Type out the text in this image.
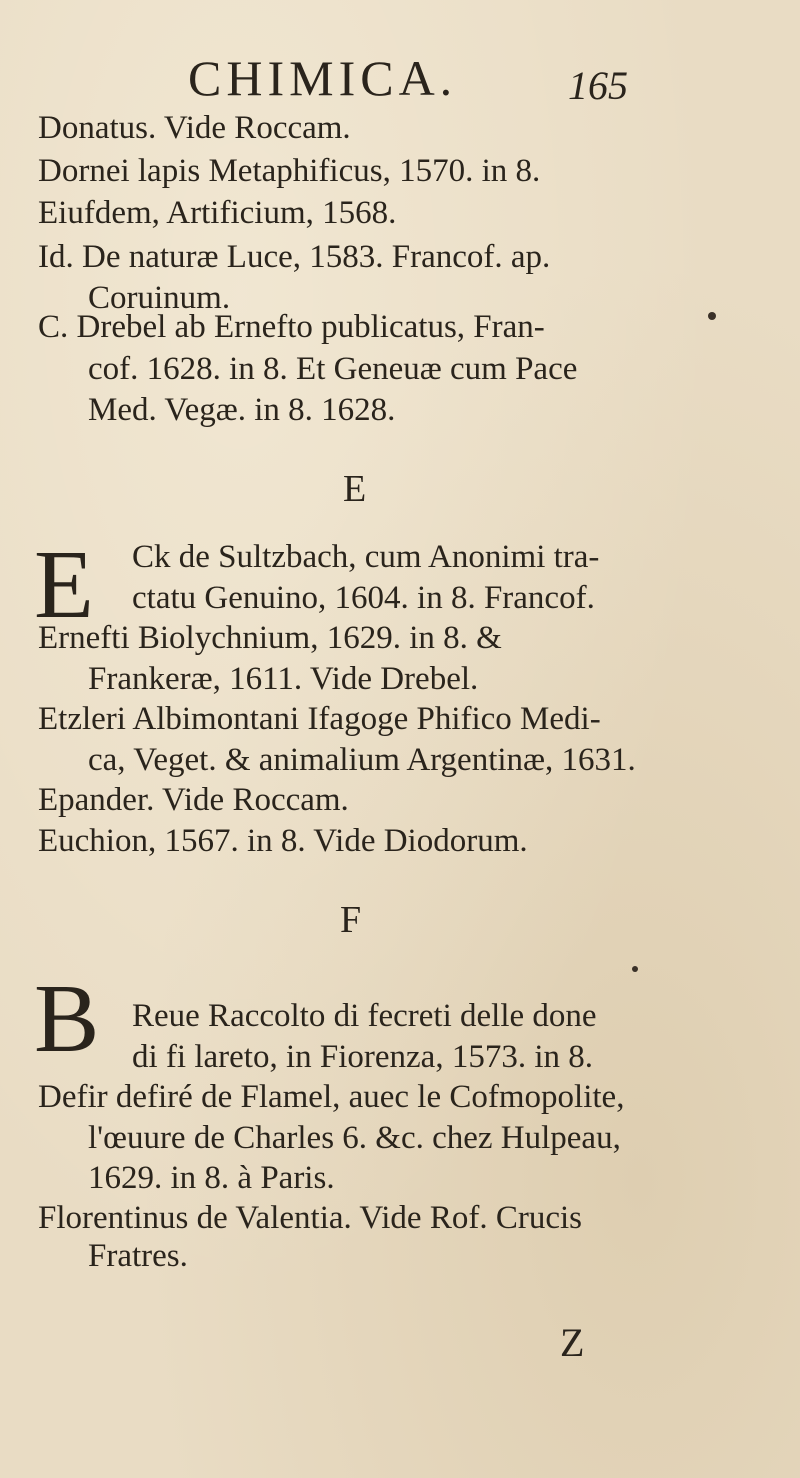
CHIMICA.	165
Donatus. Vide Roccam.
Dornei lapis Metaphificus, 1570. in 8.
Eiufdem, Artificium, 1568.
Id. De naturæ Luce, 1583. Francof. ap.
Coruinum.
C. Drebel ab Ernefto publicatus, Fran-
cof. 1628. in 8. Et Geneuæ cum Pace
Med. Vegæ. in 8. 1628.
E
E Ck de Sultzbach, cum Anonimi tra-
ctatu Genuino, 1604. in 8. Francof.
Ernefti Biolychnium, 1629. in 8. &
Frankeræ, 1611. Vide Drebel.
Etzleri Albimontani Ifagoge Phifico Medi-
ca, Veget. & animalium Argentinæ, 1631.
Epander. Vide Roccam.
Euchion, 1567. in 8. Vide Diodorum.
F
B Reue Raccolto di fecreti delle done
di fi lareto, in Fiorenza, 1573. in 8.
Defir defiré de Flamel, auec le Cofmopolite,
l'œuure de Charles 6. &c. chez Hulpeau,
1629. in 8. à Paris.
Florentinus de Valentia. Vide Rof. Crucis
Fratres.
Z
